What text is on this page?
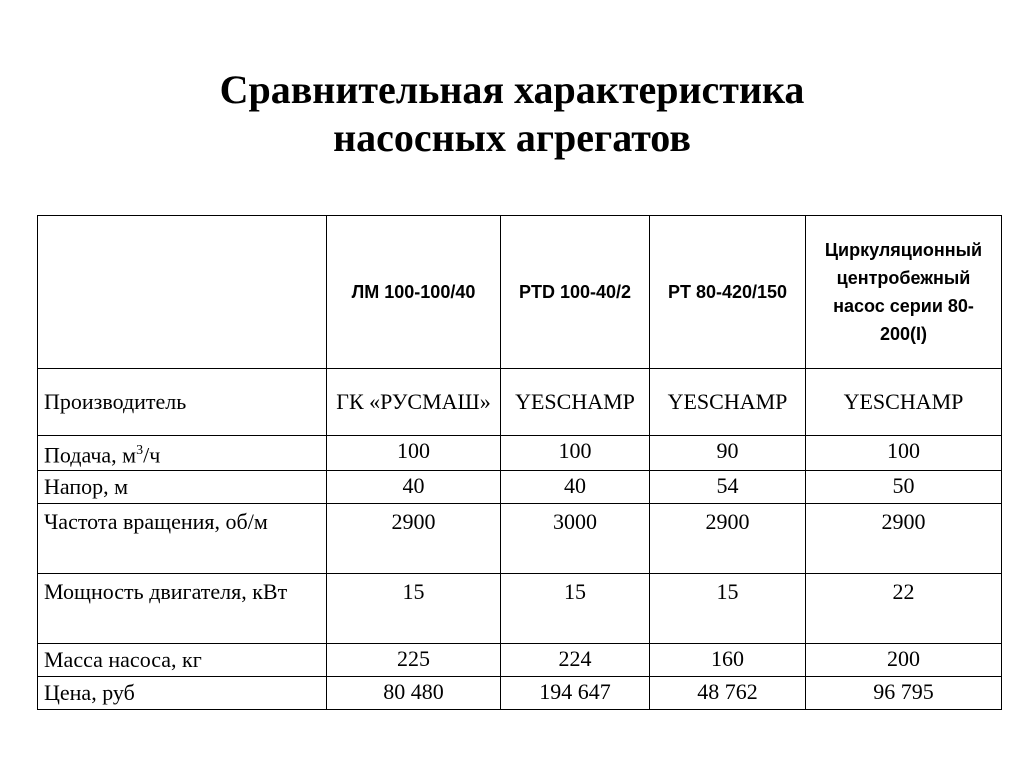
Сравнительная характеристика
насосных агрегатов
	ЛМ 100-100/40	PTD 100-40/2	PT 80-420/150	Циркуляционный центробежный насос серии 80-200(I)
Производитель	ГК «РУСМАШ»	YESCHAMP	YESCHAMP	YESCHAMP
Подача, $м^3/ч$	100	100	90	100
Напор, м	40	40	54	50
Частота вращения, об/м	2900	3000	2900	2900
Мощность двигателя, кВт	15	15	15	22
Масса насоса, кг	225	224	160	200
Цена, руб	80 480	194 647	48 762	96 795
